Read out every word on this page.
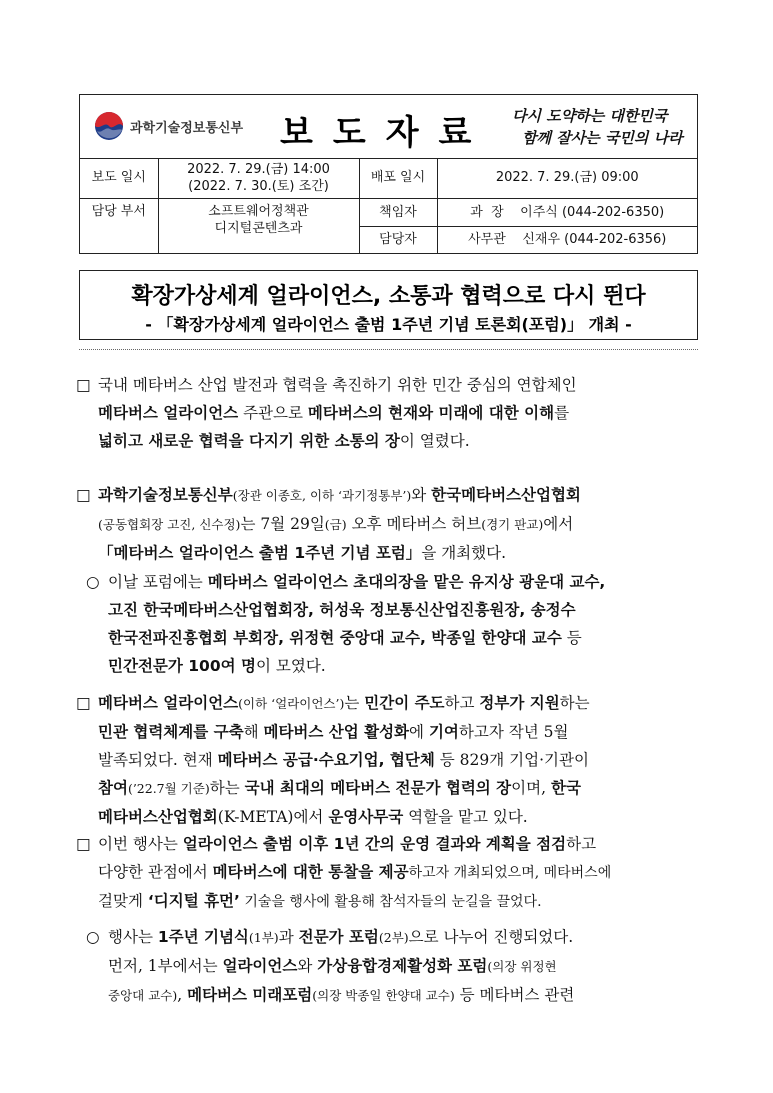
과학기술정보통신부 보도자료 다시 도약하는 대한민국
함께 잘사는 국민의 나라
보도 일시	2022. 7. 29.(금) 14:00
(2022. 7. 30.(토) 조간)	배포 일시	2022. 7. 29.(금) 09:00
담당 부서	소프트웨어정책관
디지털콘텐츠과	책임자	과  장    이주식 (044-202-6350)
		담당자	사무관    신재우 (044-202-6356)
확장가상세계 얼라이언스, 소통과 협력으로 다시 뛴다
- 「확장가상세계 얼라이언스 출범 1주년 기념 토론회(포럼)」 개최 -
□ 국내 메타버스 산업 발전과 협력을 촉진하기 위한 민간 중심의 연합체인
메타버스 얼라이언스 주관으로 메타버스의 현재와 미래에 대한 이해를
넓히고 새로운 협력을 다지기 위한 소통의 장이 열렸다.
□ 과학기술정보통신부(장관 이종호, 이하 ‘과기정통부’)와 한국메타버스산업협회
(공동협회장 고진, 신수정)는 7월 29일(금) 오후 메타버스 허브(경기 판교)에서
「메타버스 얼라이언스 출범 1주년 기념 포럼」을 개최했다.
○ 이날 포럼에는 메타버스 얼라이언스 초대의장을 맡은 유지상 광운대 교수,
고진 한국메타버스산업협회장, 허성욱 정보통신산업진흥원장, 송정수
한국전파진흥협회 부회장, 위정현 중앙대 교수, 박종일 한양대 교수 등
민간전문가 100여 명이 모였다.
□ 메타버스 얼라이언스(이하 ‘얼라이언스’)는 민간이 주도하고 정부가 지원하는
민관 협력체계를 구축해 메타버스 산업 활성화에 기여하고자 작년 5월
발족되었다. 현재 메타버스 공급·수요기업, 협단체 등 829개 기업·기관이
참여(’22.7월 기준)하는 국내 최대의 메타버스 전문가 협력의 장이며, 한국
메타버스산업협회(K-META)에서 운영사무국 역할을 맡고 있다.
□ 이번 행사는 얼라이언스 출범 이후 1년 간의 운영 결과와 계획을 점검하고
다양한 관점에서 메타버스에 대한 통찰을 제공하고자 개최되었으며, 메타버스에
걸맞게 ‘디지털 휴먼’ 기술을 행사에 활용해 참석자들의 눈길을 끌었다.
○ 행사는 1주년 기념식(1부)과 전문가 포럼(2부)으로 나누어 진행되었다.
먼저, 1부에서는 얼라이언스와 가상융합경제활성화 포럼(의장 위정현
중앙대 교수), 메타버스 미래포럼(의장 박종일 한양대 교수) 등 메타버스 관련
